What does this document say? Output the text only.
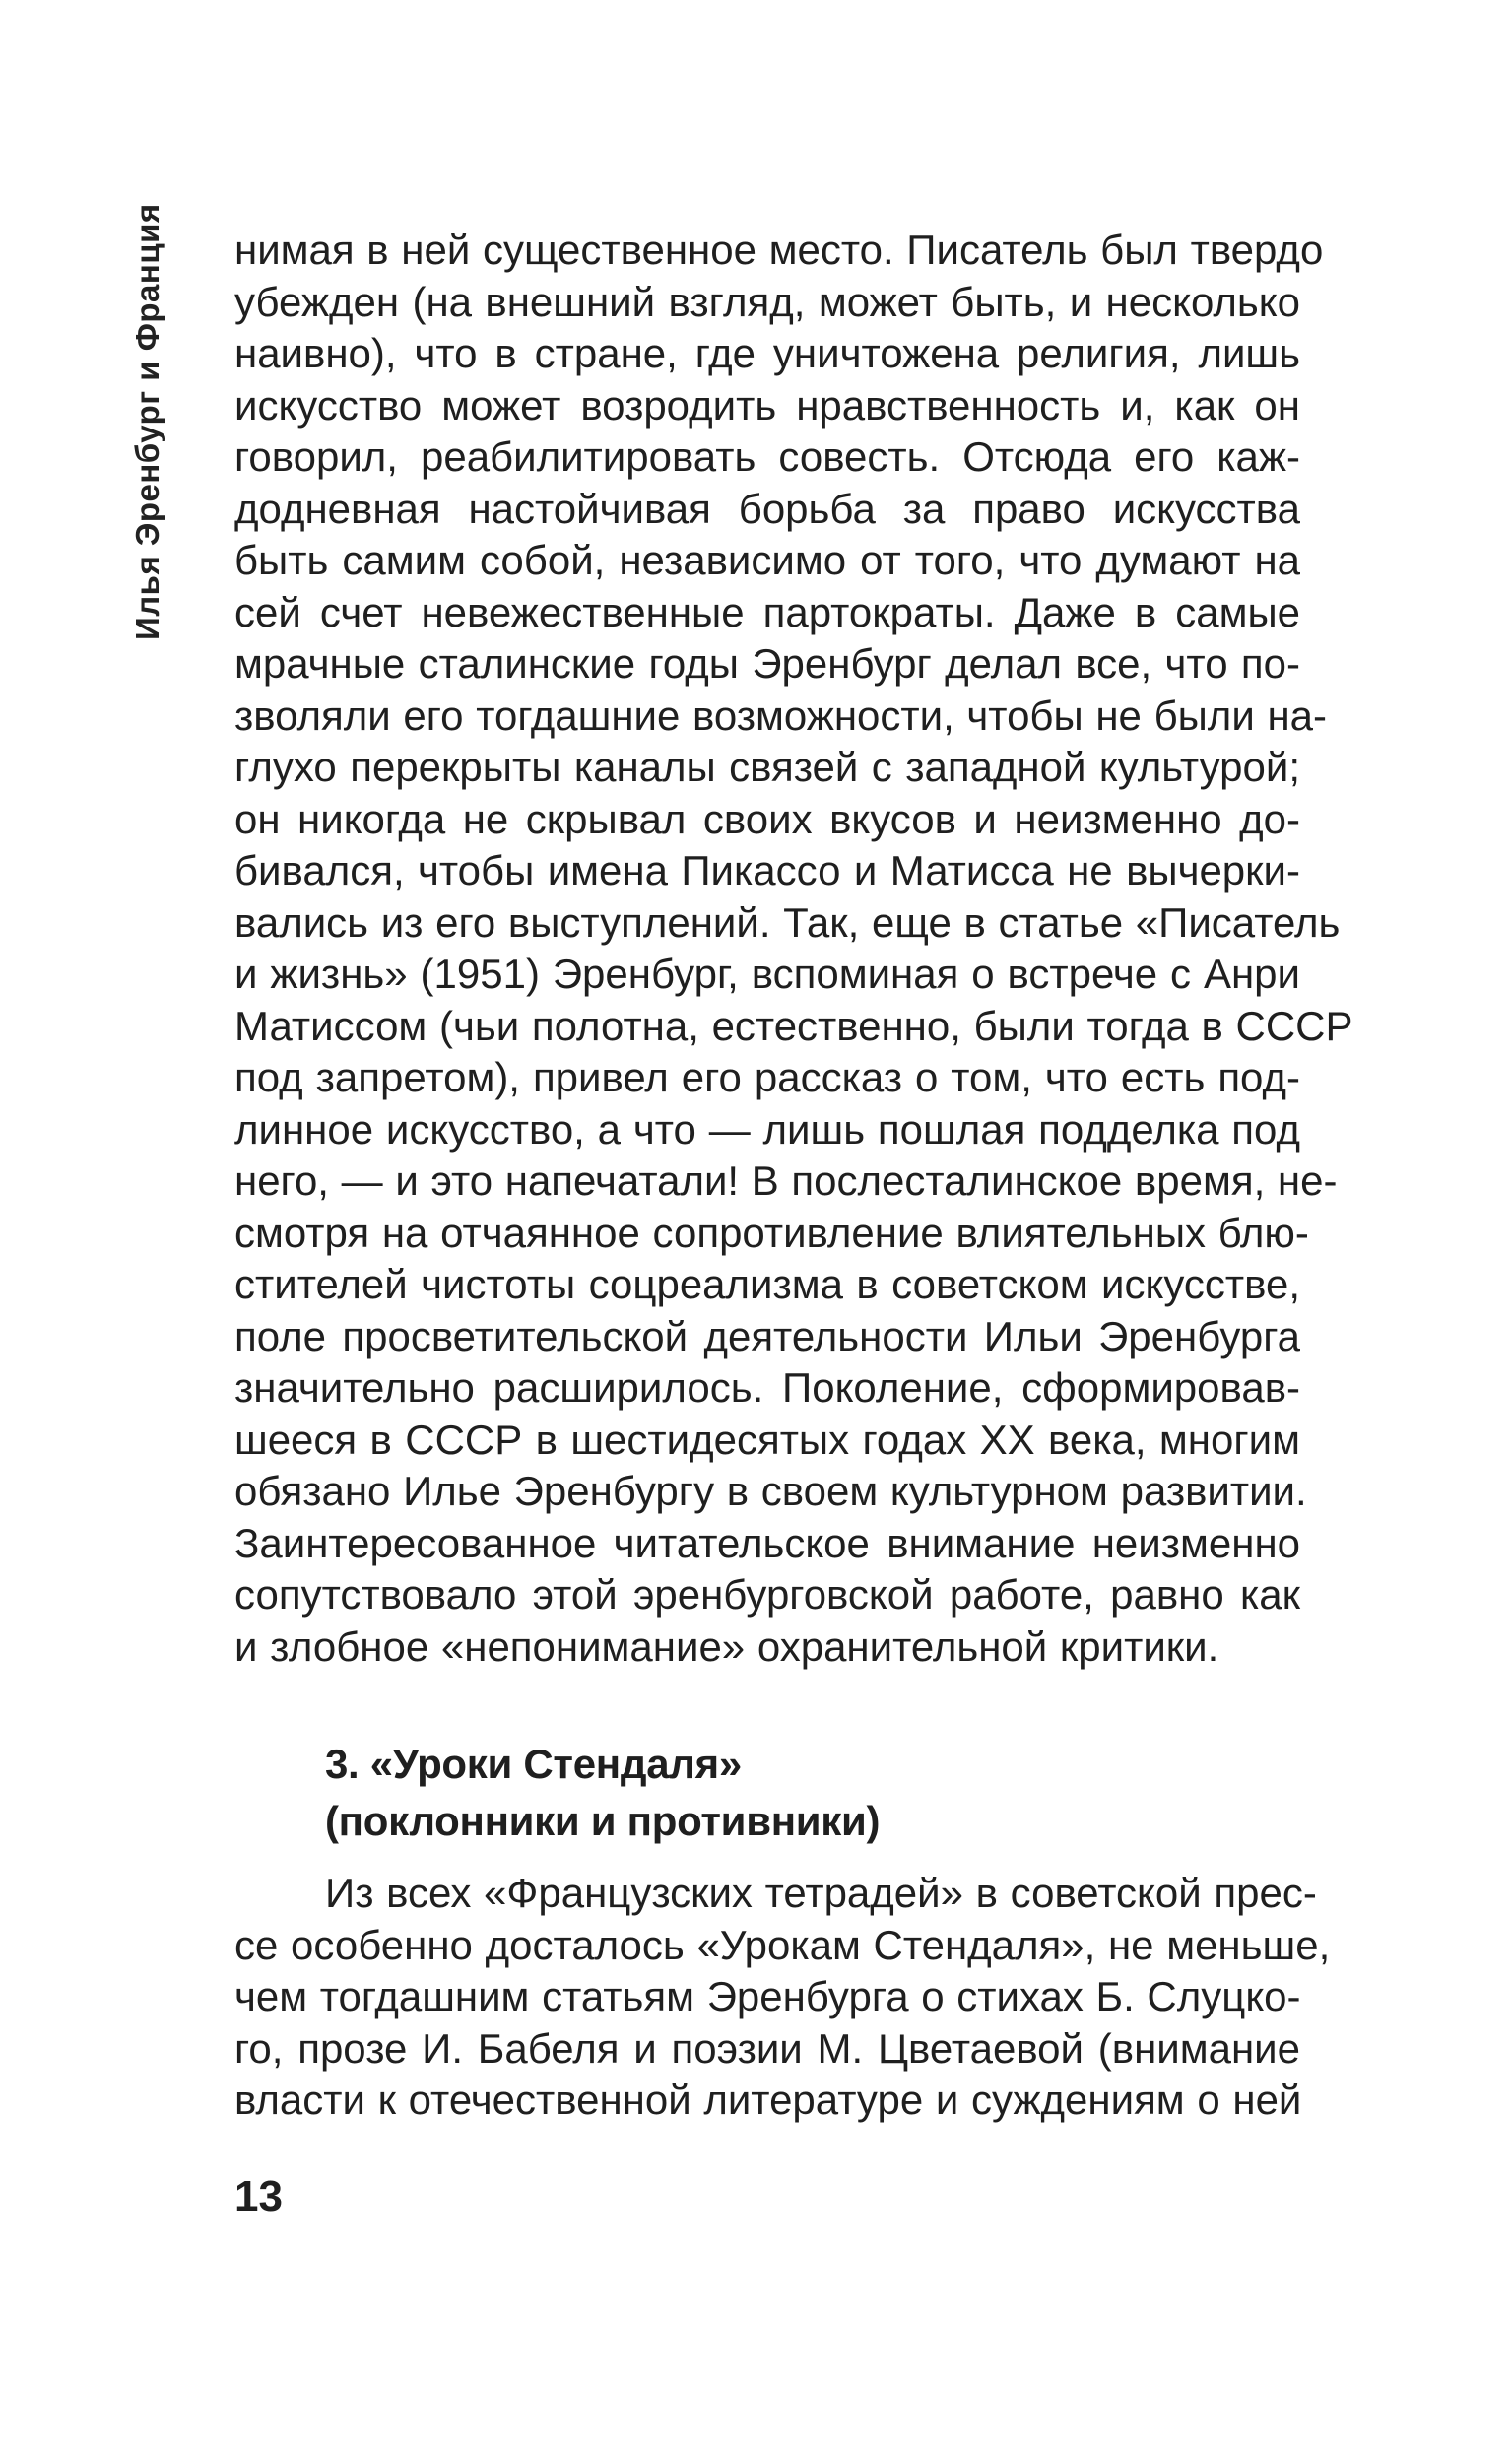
Илья Эренбург и Франция нимая в ней существенное место. Писатель был твердо
убежден (на внешний взгляд, может быть, и несколько
наивно), что в стране, где уничтожена религия, лишь
искусство может возродить нравственность и, как он
говорил, реабилитировать совесть. Отсюда его каж-
додневная настойчивая борьба за право искусства
быть самим собой, независимо от того, что думают на
сей счет невежественные партократы. Даже в самые
мрачные сталинские годы Эренбург делал все, что по-
зволяли его тогдашние возможности, чтобы не были на-
глухо перекрыты каналы связей с западной культурой;
он никогда не скрывал своих вкусов и неизменно до-
бивался, чтобы имена Пикассо и Матисса не вычерки-
вались из его выступлений. Так, еще в статье «Писатель
и жизнь» (1951) Эренбург, вспоминая о встрече с Анри
Матиссом (чьи полотна, естественно, были тогда в СССР
под запретом), привел его рассказ о том, что есть под-
линное искусство, а что — лишь пошлая подделка под
него, — и это напечатали! В послесталинское время, не-
смотря на отчаянное сопротивление влиятельных блю-
стителей чистоты соцреализма в советском искусстве,
поле просветительской деятельности Ильи Эренбурга
значительно расширилось. Поколение, сформировав-
шееся в СССР в шестидесятых годах XX века, многим
обязано Илье Эренбургу в своем культурном развитии.
Заинтересованное читательское внимание неизменно
сопутствовало этой эренбурговской работе, равно как
и злобное «непонимание» охранительной критики.

3. «Уроки Стендаля»
(поклонники и противники)

Из всех «Французских тетрадей» в советской прес-
се особенно досталось «Урокам Стендаля», не меньше,
чем тогдашним статьям Эренбурга о стихах Б. Слуцко-
го, прозе И. Бабеля и поэзии М. Цветаевой (внимание
власти к отечественной литературе и суждениям о ней

13
